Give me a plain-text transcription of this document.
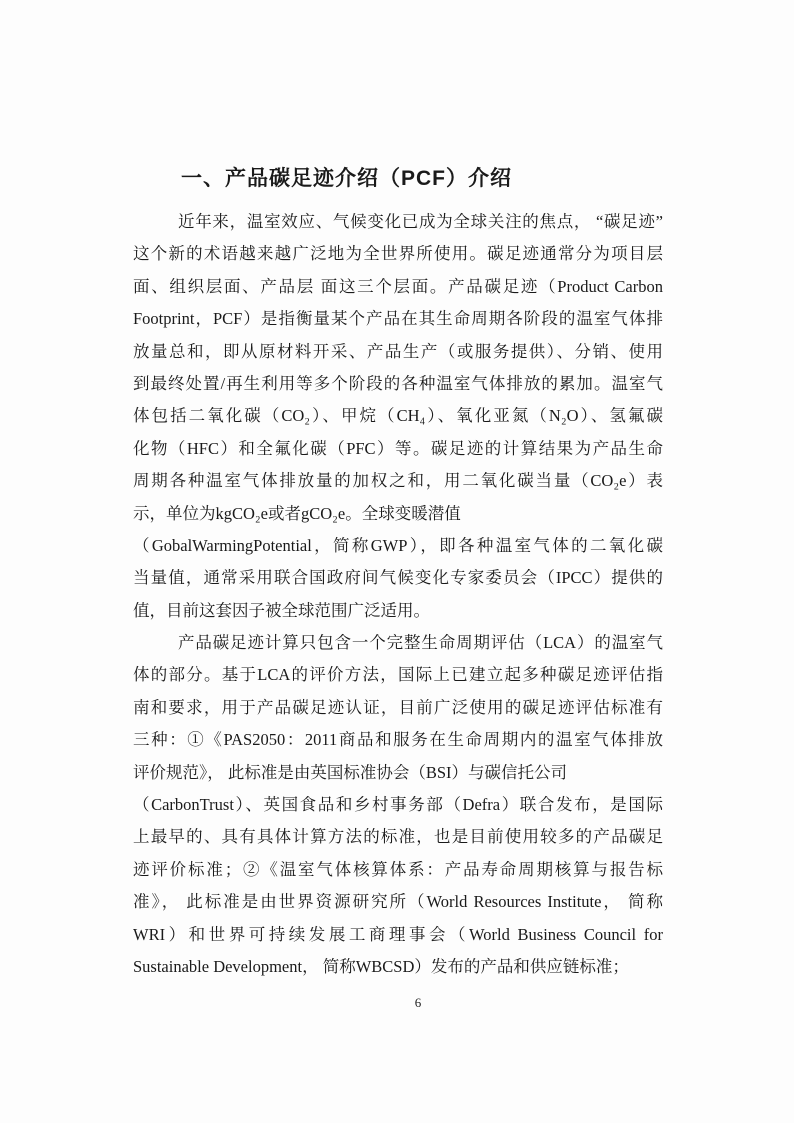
一、产品碳足迹介绍（PCF）介绍
近年来，温室效应、气候变化已成为全球关注的焦点， “碳足迹”
这个新的术语越来越广泛地为全世界所使用。碳足迹通常分为项目层
面、组织层面、产品层 面这三个层面。产品碳足迹（Product Carbon
Footprint，PCF）是指衡量某个产品在其生命周期各阶段的温室气体排
放量总和，即从原材料开采、产品生产（或服务提供）、分销、使用
到最终处置/再生利用等多个阶段的各种温室气体排放的累加。温室气
体包括二氧化碳（CO₂）、甲烷（CH₄）、氧化亚氮（N₂O）、氢氟碳
化物（HFC）和全氟化碳（PFC）等。碳足迹的计算结果为产品生命
周期各种温室气体排放量的加权之和，用二氧化碳当量（CO₂e）表
示，单位为kgCO₂e或者gCO₂e。全球变暖潜值
（GobalWarmingPotential，简称GWP），即各种温室气体的二氧化碳
当量值，通常采用联合国政府间气候变化专家委员会（IPCC）提供的
值，目前这套因子被全球范围广泛适用。
产品碳足迹计算只包含一个完整生命周期评估（LCA）的温室气
体的部分。基于LCA的评价方法，国际上已建立起多种碳足迹评估指
南和要求，用于产品碳足迹认证，目前广泛使用的碳足迹评估标准有
三种：①《PAS2050：2011商品和服务在生命周期内的温室气体排放
评价规范》， 此标准是由英国标准协会（BSI）与碳信托公司
（CarbonTrust）、英国食品和乡村事务部（Defra）联合发布，是国际
上最早的、具有具体计算方法的标准，也是目前使用较多的产品碳足
迹评价标准；②《温室气体核算体系：产品寿命周期核算与报告标
准》， 此标准是由世界资源研究所（World Resources Institute， 简称
WRI）和世界可持续发展工商理事会（World Business Council for
Sustainable Development， 简称WBCSD）发布的产品和供应链标准；
6
